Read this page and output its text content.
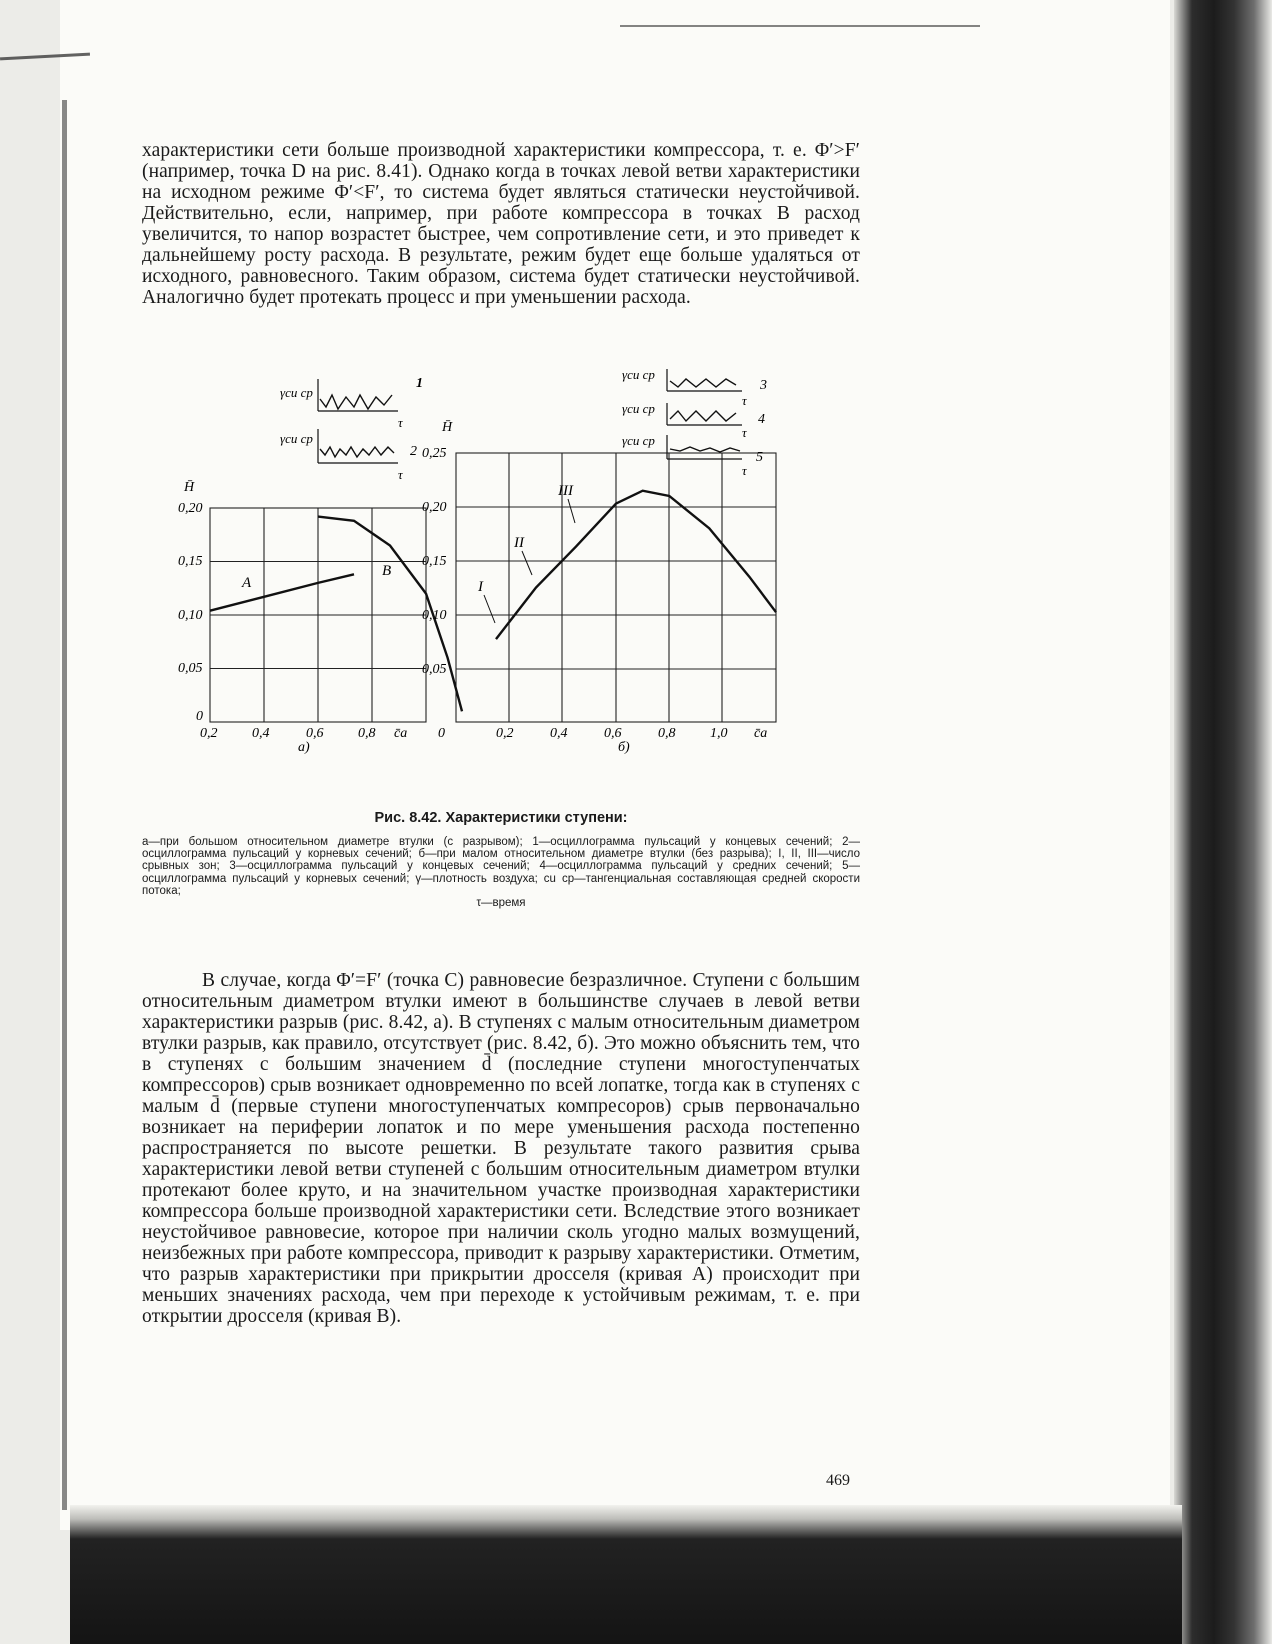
характеристики сети больше производной характеристики компрессора, т. е. Φ′>F′ (например, точка D на рис. 8.41). Однако когда в точках левой ветви характеристики на исходном режиме Φ′<F′, то система будет являться статически неустойчивой. Действительно, если, например, при работе компрессора в точках B расход увеличится, то напор возрастет быстрее, чем сопротивление сети, и это приведет к дальнейшему росту расхода. В результате, режим будет еще больше удаляться от исходного, равновесного. Таким образом, система будет статически неустойчивой. Аналогично будет протекать процесс и при уменьшении расхода.

0,20
0,15
0,10
0,05
0
0,2 0,4	0,6 0,8 c̄a
H̄
а)
A
B
0,25
0,20
0,15
0,10
0,05
0	0,2	0,4	0,6	0,8 1,0 c̄a
H̄
б)
I
II
III
γcu ср
τ
1
γcu ср
τ
2
γcu ср
τ
3
γcu ср
τ
4
γcu ср
τ
5
Рис. 8.42. Характеристики ступени:
а—при большом относительном диаметре втулки (с разрывом); 1—осциллограмма пульсаций у концевых сечений; 2—осциллограмма пульсаций у корневых сечений; б—при малом относительном диаметре втулки (без разрыва); I, II, III—число срывных зон; 3—осциллограмма пульсаций у концевых сечений; 4—осциллограмма пульсаций у средних сечений; 5—осциллограмма пульсаций у корневых сечений; γ—плотность воздуха; cu ср—тангенциальная составляющая средней скорости потока;
τ—время

В случае, когда Φ′=F′ (точка C) равновесие безразличное. Ступени с большим относительным диаметром втулки имеют в большинстве случаев в левой ветви характеристики разрыв (рис. 8.42, а). В ступенях с малым относительным диаметром втулки разрыв, как правило, отсутствует (рис. 8.42, б). Это можно объяснить тем, что в ступенях с большим значением d̄ (последние ступени многоступенчатых компрессоров) срыв возникает одновременно по всей лопатке, тогда как в ступенях с малым d̄ (первые ступени многоступенчатых компресоров) срыв первоначально возникает на периферии лопаток и по мере уменьшения расхода постепенно распространяется по высоте решетки. В результате такого развития срыва характеристики левой ветви ступеней с большим относительным диаметром втулки протекают более круто, и на значительном участке производная характеристики компрессора больше производной характеристики сети. Вследствие этого возникает неустойчивое равновесие, которое при наличии сколь угодно малых возмущений, неизбежных при работе компрессора, приводит к разрыву характеристики. Отметим, что разрыв характеристики при прикрытии дросселя (кривая A) происходит при меньших значениях расхода, чем при переходе к устойчивым режимам, т. е. при открытии дросселя (кривая B).

469
